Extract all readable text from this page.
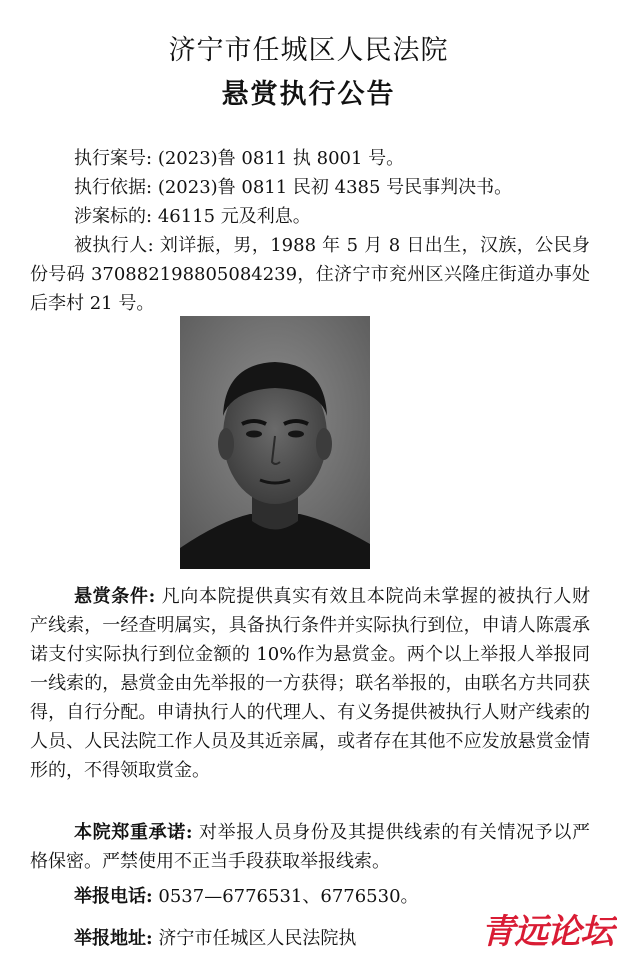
济宁市任城区人民法院
悬赏执行公告
执行案号: (2023)鲁 0811 执 8001 号。
执行依据: (2023)鲁 0811 民初 4385 号民事判决书。
涉案标的: 46115 元及利息。
被执行人: 刘详振，男，1988 年 5 月 8 日出生，汉族，公民身份号码 370882198805084239，住济宁市兖州区兴隆庄街道办事处后李村 21 号。
悬赏条件: 凡向本院提供真实有效且本院尚未掌握的被执行人财产线索，一经查明属实，具备执行条件并实际执行到位，申请人陈震承诺支付实际执行到位金额的 10%作为悬赏金。两个以上举报人举报同一线索的，悬赏金由先举报的一方获得；联名举报的，由联名方共同获得，自行分配。申请执行人的代理人、有义务提供被执行人财产线索的人员、人民法院工作人员及其近亲属，或者存在其他不应发放悬赏金情形的，不得领取赏金。
本院郑重承诺: 对举报人员身份及其提供线索的有关情况予以严格保密。严禁使用不正当手段获取举报线索。
举报电话: 0537—6776531、6776530。
举报地址: 济宁市任城区人民法院执	青远论坛
